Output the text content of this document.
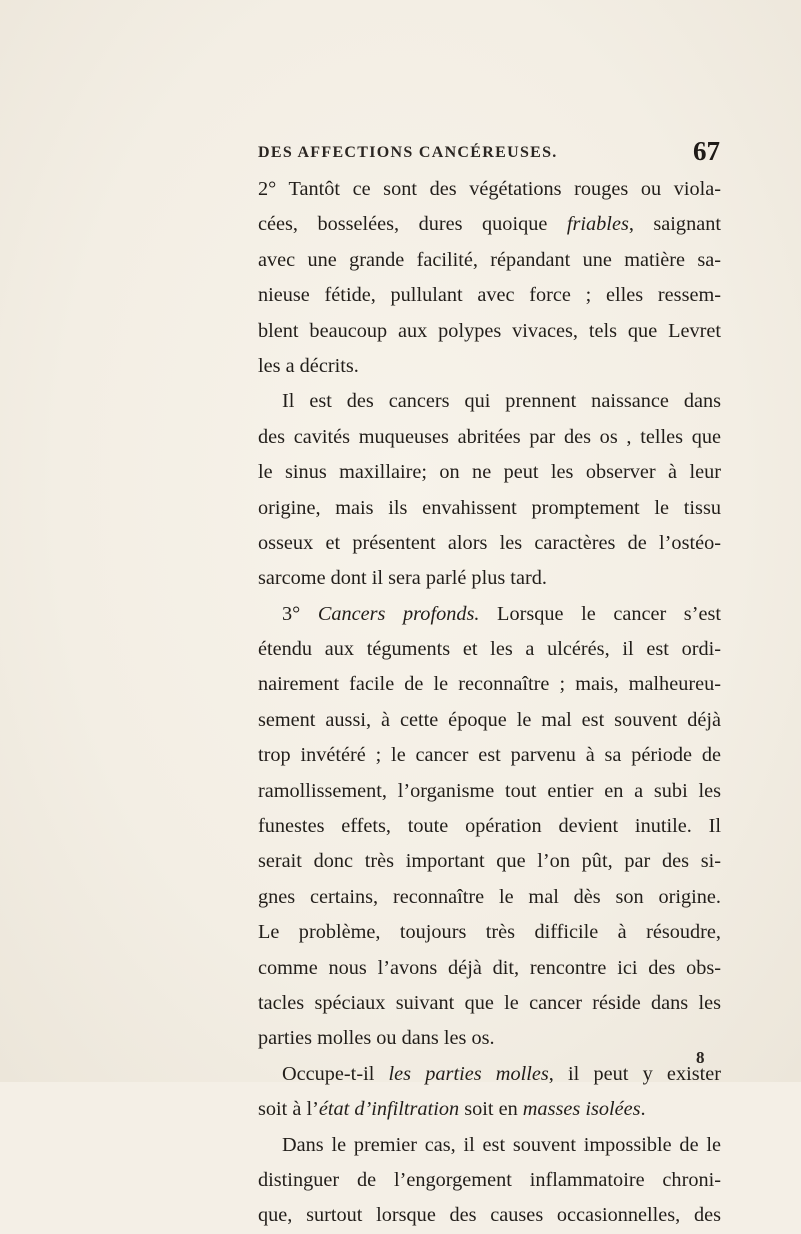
DES AFFECTIONS CANCÉREUSES.	67
2° Tantôt ce sont des végétations rouges ou viola-
cées, bosselées, dures quoique friables, saignant
avec une grande facilité, répandant une matière sa-
nieuse fétide, pullulant avec force ; elles ressem-
blent beaucoup aux polypes vivaces, tels que Levret
les a décrits.
Il est des cancers qui prennent naissance dans
des cavités muqueuses abritées par des os , telles que
le sinus maxillaire; on ne peut les observer à leur
origine, mais ils envahissent promptement le tissu
osseux et présentent alors les caractères de l’ostéo-
sarcome dont il sera parlé plus tard.
3° Cancers profonds. Lorsque le cancer s’est
étendu aux téguments et les a ulcérés, il est ordi-
nairement facile de le reconnaître ; mais, malheureu-
sement aussi, à cette époque le mal est souvent déjà
trop invétéré ; le cancer est parvenu à sa période de
ramollissement, l’organisme tout entier en a subi les
funestes effets, toute opération devient inutile. Il
serait donc très important que l’on pût, par des si-
gnes certains, reconnaître le mal dès son origine.
Le problème, toujours très difficile à résoudre,
comme nous l’avons déjà dit, rencontre ici des obs-
tacles spéciaux suivant que le cancer réside dans les
parties molles ou dans les os.
Occupe-t-il les parties molles, il peut y exister
soit à l’état d’infiltration soit en masses isolées.
Dans le premier cas, il est souvent impossible de le
distinguer de l’engorgement inflammatoire chroni-
que, surtout lorsque des causes occasionnelles, des
8
